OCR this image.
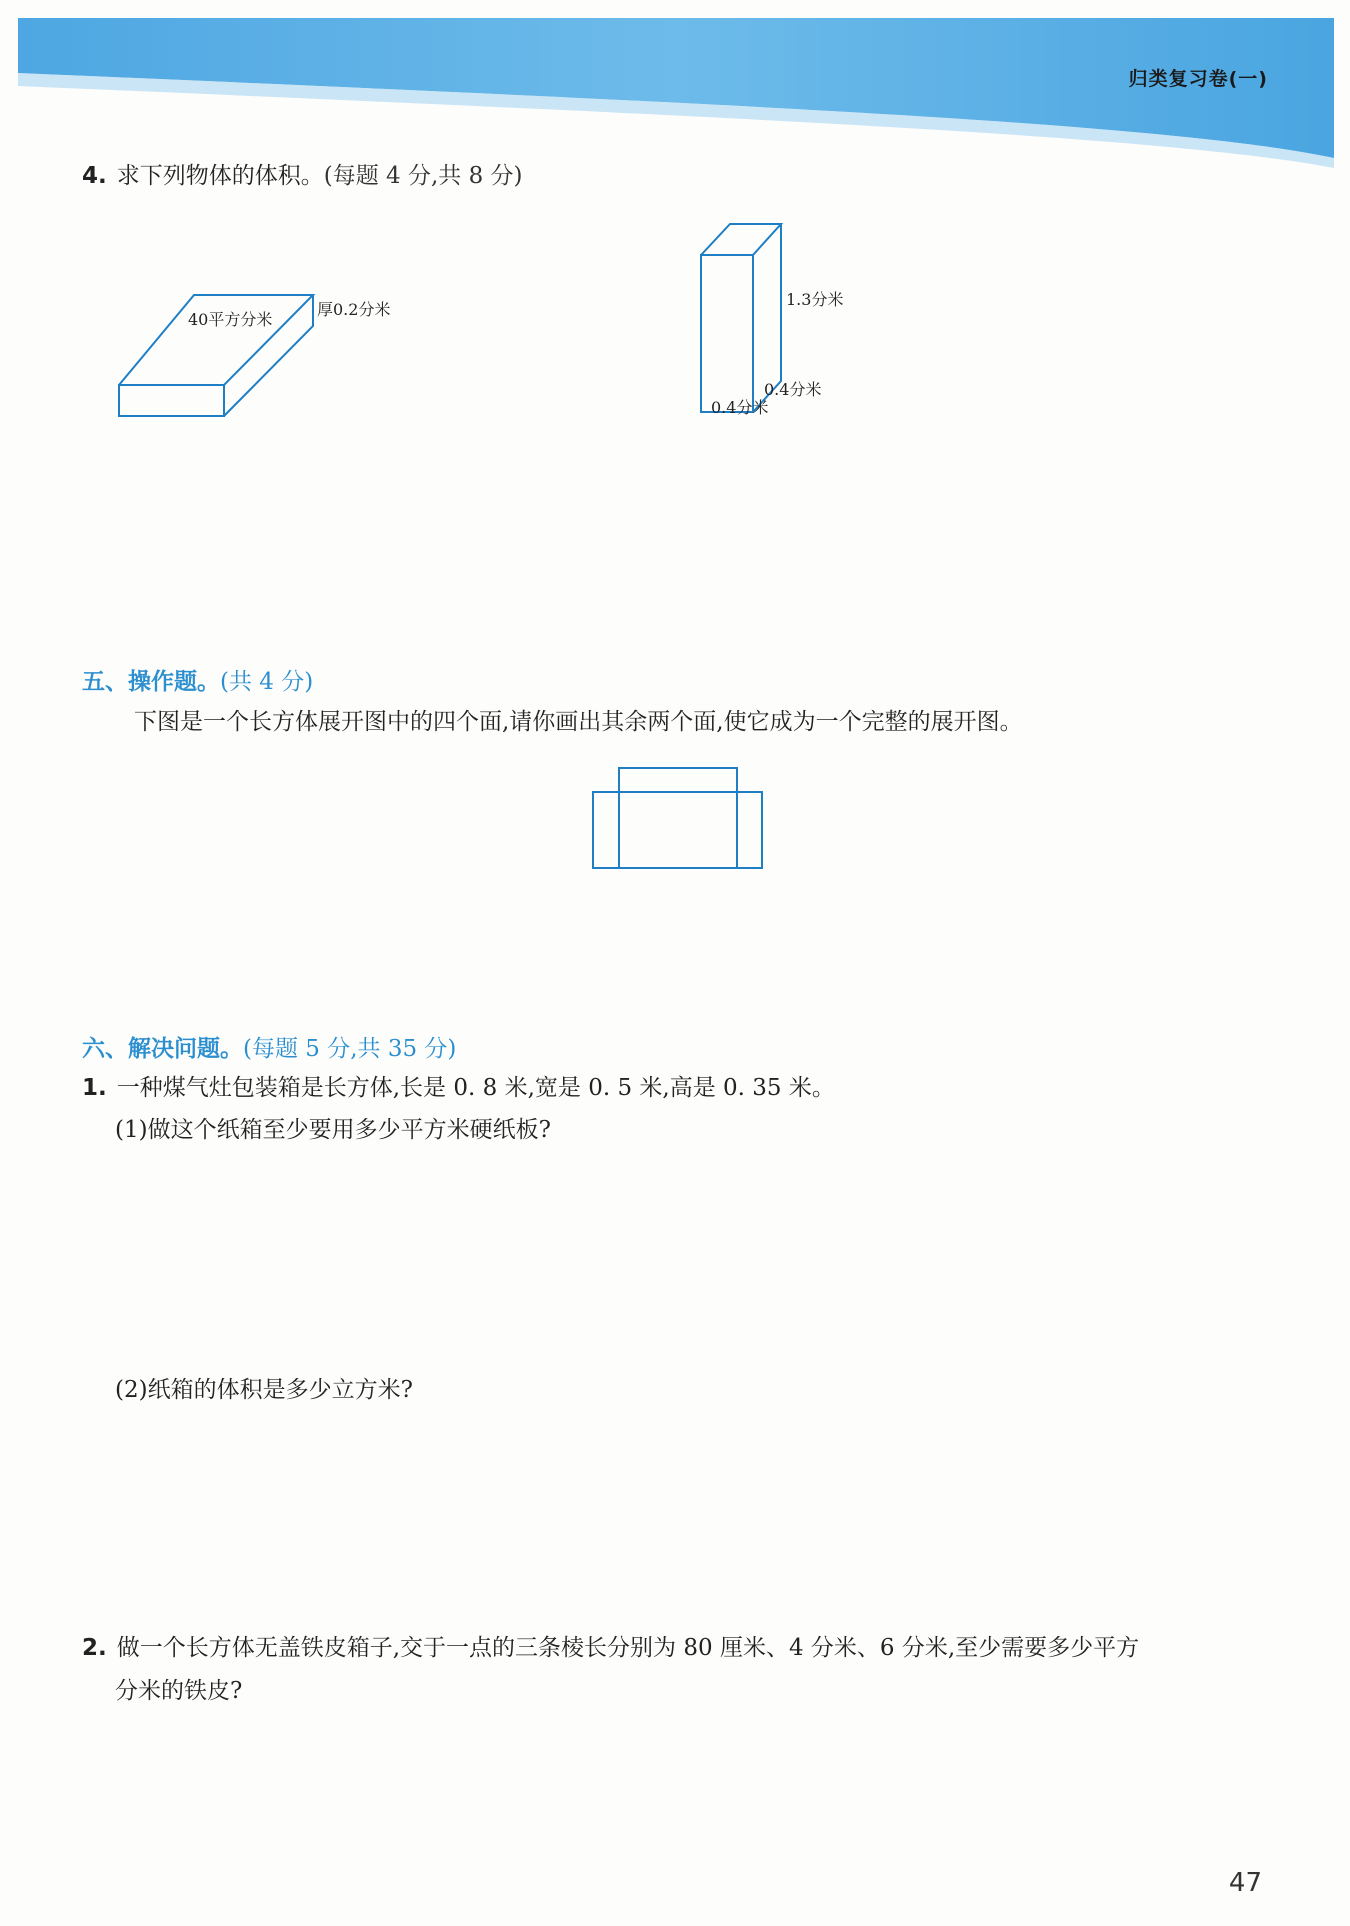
归类复习卷(一)
4. 求下列物体的体积。(每题 4 分,共 8 分)
40平方分米
厚0.2分米
1.3分米
0.4分米
0.4分米
五、操作题。(共 4 分)
下图是一个长方体展开图中的四个面,请你画出其余两个面,使它成为一个完整的展开图。
六、解决问题。(每题 5 分,共 35 分)
1. 一种煤气灶包装箱是长方体,长是 0. 8 米,宽是 0. 5 米,高是 0. 35 米。
(1)做这个纸箱至少要用多少平方米硬纸板?
(2)纸箱的体积是多少立方米?
2. 做一个长方体无盖铁皮箱子,交于一点的三条棱长分别为 80 厘米、4 分米、6 分米,至少需要多少平方
分米的铁皮?
47
